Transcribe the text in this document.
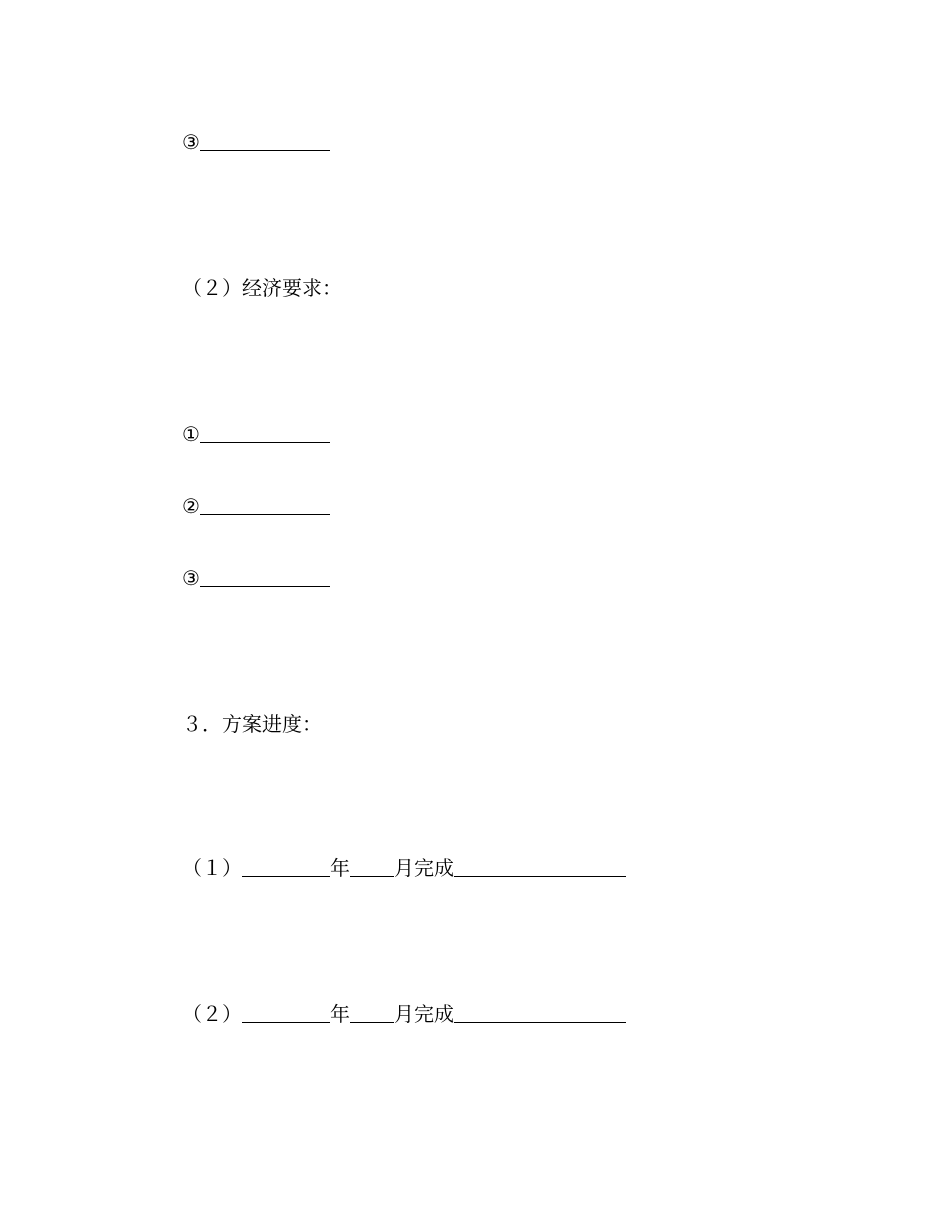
③
（２）经济要求：
①
②
③
３．方案进度：
（１）	年 月完成
（２）	年 月完成
